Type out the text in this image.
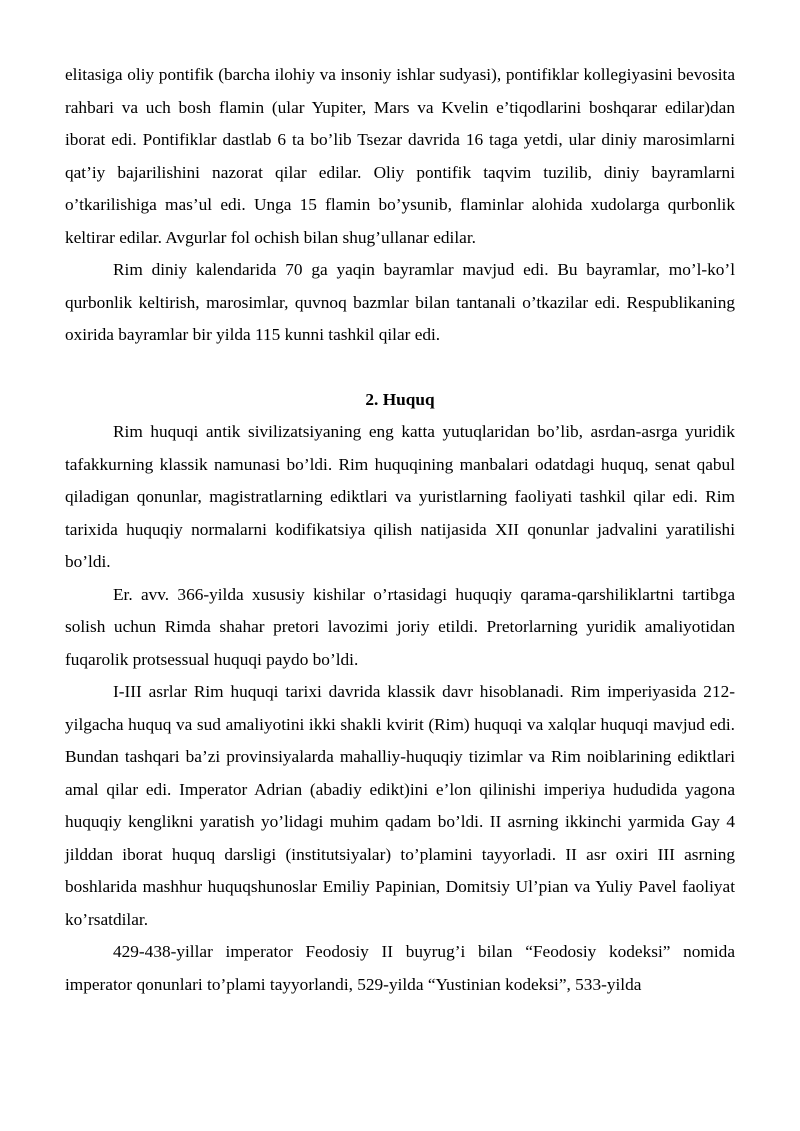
elitasiga oliy pontifik (barcha ilohiy va insoniy ishlar sudyasi), pontifiklar kollegiyasini bevosita rahbari va uch bosh flamin (ular Yupiter, Mars va Kvelin e’tiqodlarini boshqarar edilar)dan iborat edi. Pontifiklar dastlab 6 ta bo’lib Tsezar davrida 16 taga yetdi, ular diniy marosimlarni qat’iy bajarilishini nazorat qilar edilar. Oliy pontifik taqvim tuzilib, diniy bayramlarni o’tkarilishiga mas’ul edi. Unga 15 flamin bo’ysunib, flaminlar alohida xudolarga qurbonlik keltirar edilar. Avgurlar fol ochish bilan shug’ullanar edilar.

Rim diniy kalendarida 70 ga yaqin bayramlar mavjud edi. Bu bayramlar, mo’l-ko’l qurbonlik keltirish, marosimlar, quvnoq bazmlar bilan tantanali o’tkazilar edi. Respublikaning oxirida bayramlar bir yilda 115 kunni tashkil qilar edi.

2. Huquq

Rim huquqi antik sivilizatsiyaning eng katta yutuqlaridan bo’lib, asrdan-asrga yuridik tafakkurning klassik namunasi bo’ldi. Rim huquqining manbalari odatdagi huquq, senat qabul qiladigan qonunlar, magistratlarning ediktlari va yuristlarning faoliyati tashkil qilar edi. Rim tarixida huquqiy normalarni kodifikatsiya qilish natijasida XII qonunlar jadvalini yaratilishi bo’ldi.

Er. avv. 366-yilda xususiy kishilar o’rtasidagi huquqiy qarama-qarshiliklartni tartibga solish uchun Rimda shahar pretori lavozimi joriy etildi. Pretorlarning yuridik amaliyotidan fuqarolik protsessual huquqi paydo bo’ldi.

I-III asrlar Rim huquqi tarixi davrida klassik davr hisoblanadi. Rim imperiyasida 212-yilgacha huquq va sud amaliyotini ikki shakli kvirit (Rim) huquqi va xalqlar huquqi mavjud edi. Bundan tashqari ba’zi provinsiyalarda mahalliy-huquqiy tizimlar va Rim noiblarining ediktlari amal qilar edi. Imperator Adrian (abadiy edikt)ini e’lon qilinishi imperiya hududida yagona huquqiy kenglikni yaratish yo’lidagi muhim qadam bo’ldi. II asrning ikkinchi yarmida Gay 4 jilddan iborat huquq darsligi (institutsiyalar) to’plamini tayyorladi. II asr oxiri III asrning boshlarida mashhur huquqshunoslar Emiliy Papinian, Domitsiy Ul’pian va Yuliy Pavel faoliyat ko’rsatdilar.

429-438-yillar imperator Feodosiy II buyrug’i bilan “Feodosiy kodeksi” nomida imperator qonunlari to’plami tayyorlandi, 529-yilda “Yustinian kodeksi”, 533-yilda
